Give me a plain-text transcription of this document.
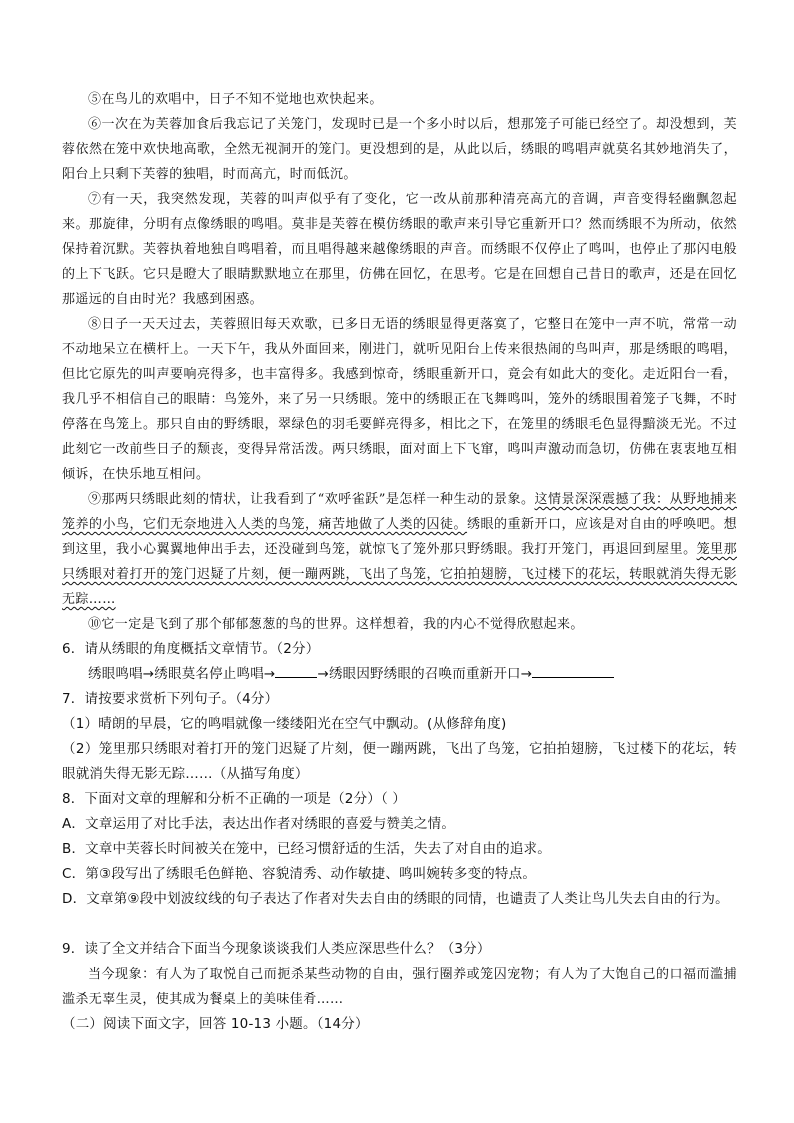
⑤在鸟儿的欢唱中，日子不知不觉地也欢快起来。

⑥一次在为芙蓉加食后我忘记了关笼门，发现时已是一个多小时以后，想那笼子可能已经空了。却没想到，芙蓉依然在笼中欢快地高歌，全然无视洞开的笼门。更没想到的是，从此以后，绣眼的鸣唱声就莫名其妙地消失了，阳台上只剩下芙蓉的独唱，时而高亢，时而低沉。

⑦有一天，我突然发现，芙蓉的叫声似乎有了变化，它一改从前那种清亮高亢的音调，声音变得轻幽飘忽起来。那旋律，分明有点像绣眼的鸣唱。莫非是芙蓉在模仿绣眼的歌声来引导它重新开口？然而绣眼不为所动，依然保持着沉默。芙蓉执着地独自鸣唱着，而且唱得越来越像绣眼的声音。而绣眼不仅停止了鸣叫，也停止了那闪电般的上下飞跃。它只是瞪大了眼睛默默地立在那里，仿佛在回忆，在思考。它是在回想自己昔日的歌声，还是在回忆那遥远的自由时光？我感到困惑。

⑧日子一天天过去，芙蓉照旧每天欢歌，已多日无语的绣眼显得更落寞了，它整日在笼中一声不吭，常常一动不动地呆立在横杆上。一天下午，我从外面回来，刚进门，就听见阳台上传来很热闹的鸟叫声，那是绣眼的鸣唱，但比它原先的叫声要响亮得多，也丰富得多。我感到惊奇，绣眼重新开口，竟会有如此大的变化。走近阳台一看，我几乎不相信自己的眼睛：鸟笼外，来了另一只绣眼。笼中的绣眼正在飞舞鸣叫，笼外的绣眼围着笼子飞舞，不时停落在鸟笼上。那只自由的野绣眼，翠绿色的羽毛要鲜亮得多，相比之下，在笼里的绣眼毛色显得黯淡无光。不过此刻它一改前些日子的颓丧，变得异常活泼。两只绣眼，面对面上下飞窜，鸣叫声激动而急切，仿佛在衷衷地互相倾诉，在快乐地互相问。

⑨那两只绣眼此刻的情状，让我看到了“欢呼雀跃”是怎样一种生动的景象。这情景深深震撼了我：从野地捕来笼养的小鸟，它们无奈地进入人类的鸟笼，痛苦地做了人类的囚徒。绣眼的重新开口，应该是对自由的呼唤吧。想到这里，我小心翼翼地伸出手去，还没碰到鸟笼，就惊飞了笼外那只野绣眼。我打开笼门，再退回到屋里。笼里那只绣眼对着打开的笼门迟疑了片刻，便一蹦两跳，飞出了鸟笼，它拍拍翅膀，飞过楼下的花坛，转眼就消失得无影无踪……

⑩它一定是飞到了那个郁郁葱葱的鸟的世界。这样想着，我的内心不觉得欣慰起来。

6．请从绣眼的角度概括文章情节。（2分）

绣眼鸣唱→绣眼莫名停止鸣唱→	→绣眼因野绣眼的召唤而重新开口→

7．请按要求赏析下列句子。（4分）

（1）晴朗的早晨，它的鸣唱就像一缕缕阳光在空气中飘动。(从修辞角度)

（2）笼里那只绣眼对着打开的笼门迟疑了片刻，便一蹦两跳，飞出了鸟笼，它拍拍翅膀，飞过楼下的花坛，转眼就消失得无影无踪……（从描写角度）

8．下面对文章的理解和分析不正确的一项是（2分）（ ）

A．文章运用了对比手法，表达出作者对绣眼的喜爱与赞美之情。

B．文章中芙蓉长时间被关在笼中，已经习惯舒适的生活，失去了对自由的追求。

C．第③段写出了绣眼毛色鲜艳、容貌清秀、动作敏捷、鸣叫婉转多变的特点。

D．文章第⑨段中划波纹线的句子表达了作者对失去自由的绣眼的同情，也谴责了人类让鸟儿失去自由的行为。

9．读了全文并结合下面当今现象谈谈我们人类应深思些什么？（3分）

当今现象：有人为了取悦自己而扼杀某些动物的自由，强行圈养或笼囚宠物；有人为了大饱自己的口福而滥捕滥杀无辜生灵，使其成为餐桌上的美味佳肴……

（二）阅读下面文字，回答 10-13 小题。（14分）
